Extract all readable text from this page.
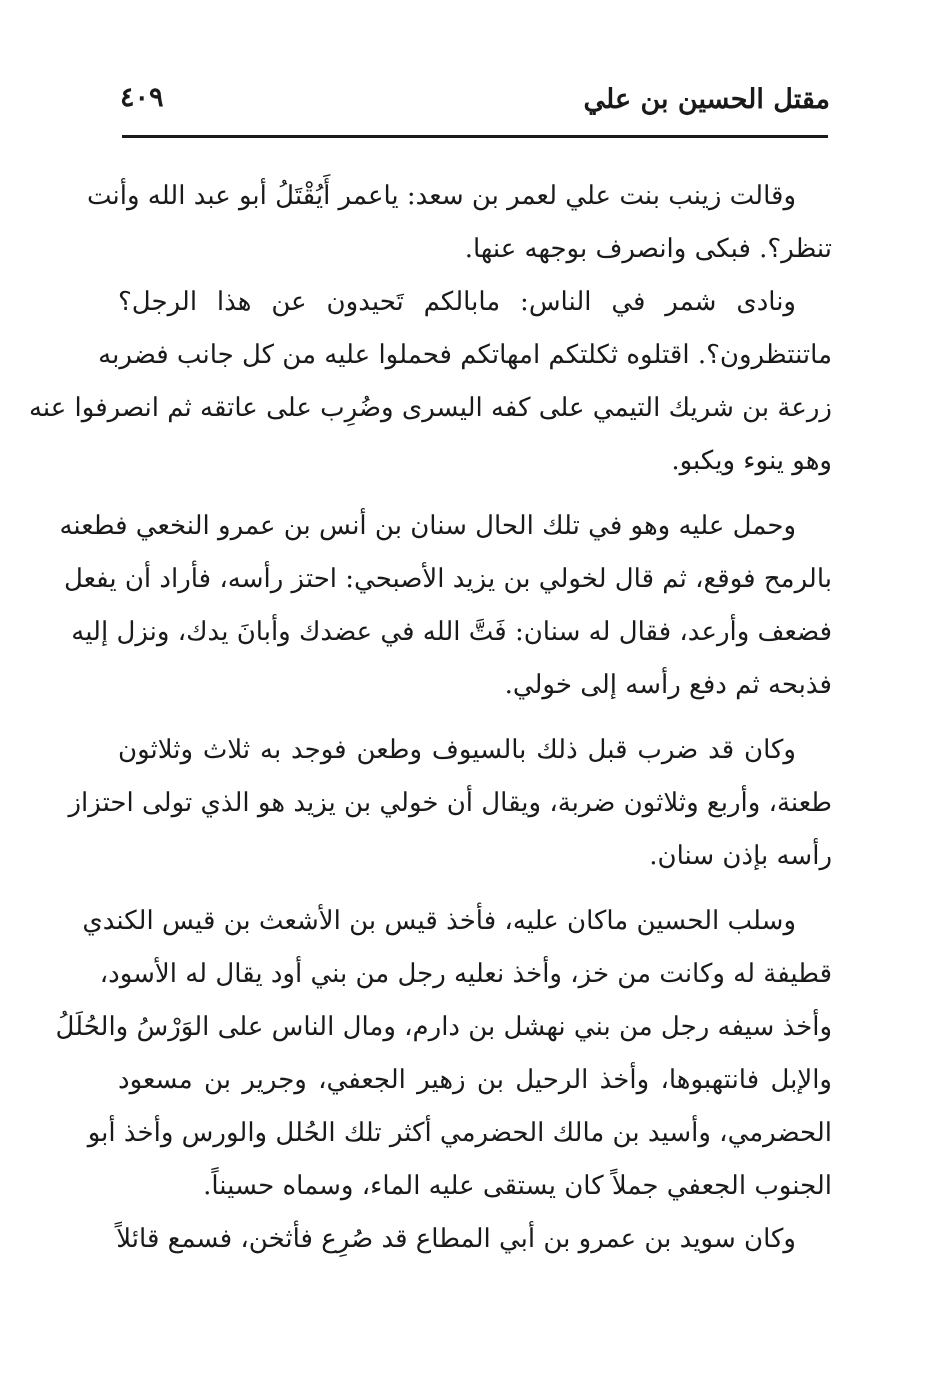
مقتل الحسين بن علي
٤٠٩
وقالت زينب بنت علي لعمر بن سعد: ياعمر أَيُقْتَلُ أبو عبد الله وأنت
تنظر؟. فبكى وانصرف بوجهه عنها.
ونادى شمر في الناس: مابالكم تَحيدون عن هذا الرجل؟
ماتنتظرون؟. اقتلوه ثكلتكم امهاتكم فحملوا عليه من كل جانب فضربه
زرعة بن شريك التيمي على كفه اليسرى وضُرِب على عاتقه ثم انصرفوا عنه
وهو ينوء ويكبو.
وحمل عليه وهو في تلك الحال سنان بن أنس بن عمرو النخعي فطعنه
بالرمح فوقع، ثم قال لخولي بن يزيد الأصبحي: احتز رأسه، فأراد أن يفعل
فضعف وأرعد، فقال له سنان: فَتَّ الله في عضدك وأبانَ يدك، ونزل إليه
فذبحه ثم دفع رأسه إلى خولي.
وكان قد ضرب قبل ذلك بالسيوف وطعن فوجد به ثلاث وثلاثون
طعنة، وأربع وثلاثون ضربة، ويقال أن خولي بن يزيد هو الذي تولى احتزاز
رأسه بإذن سنان.
وسلب الحسين ماكان عليه، فأخذ قيس بن الأشعث بن قيس الكندي
قطيفة له وكانت من خز، وأخذ نعليه رجل من بني أود يقال له الأسود،
وأخذ سيفه رجل من بني نهشل بن دارم، ومال الناس على الوَرْسُ والحُلَلُ
والإبل فانتهبوها، وأخذ الرحيل بن زهير الجعفي، وجرير بن مسعود
الحضرمي، وأسيد بن مالك الحضرمي أكثر تلك الحُلل والورس وأخذ أبو
الجنوب الجعفي جملاً كان يستقى عليه الماء، وسماه حسيناً.
وكان سويد بن عمرو بن أبي المطاع قد صُرِع فأثخن، فسمع قائلاً
